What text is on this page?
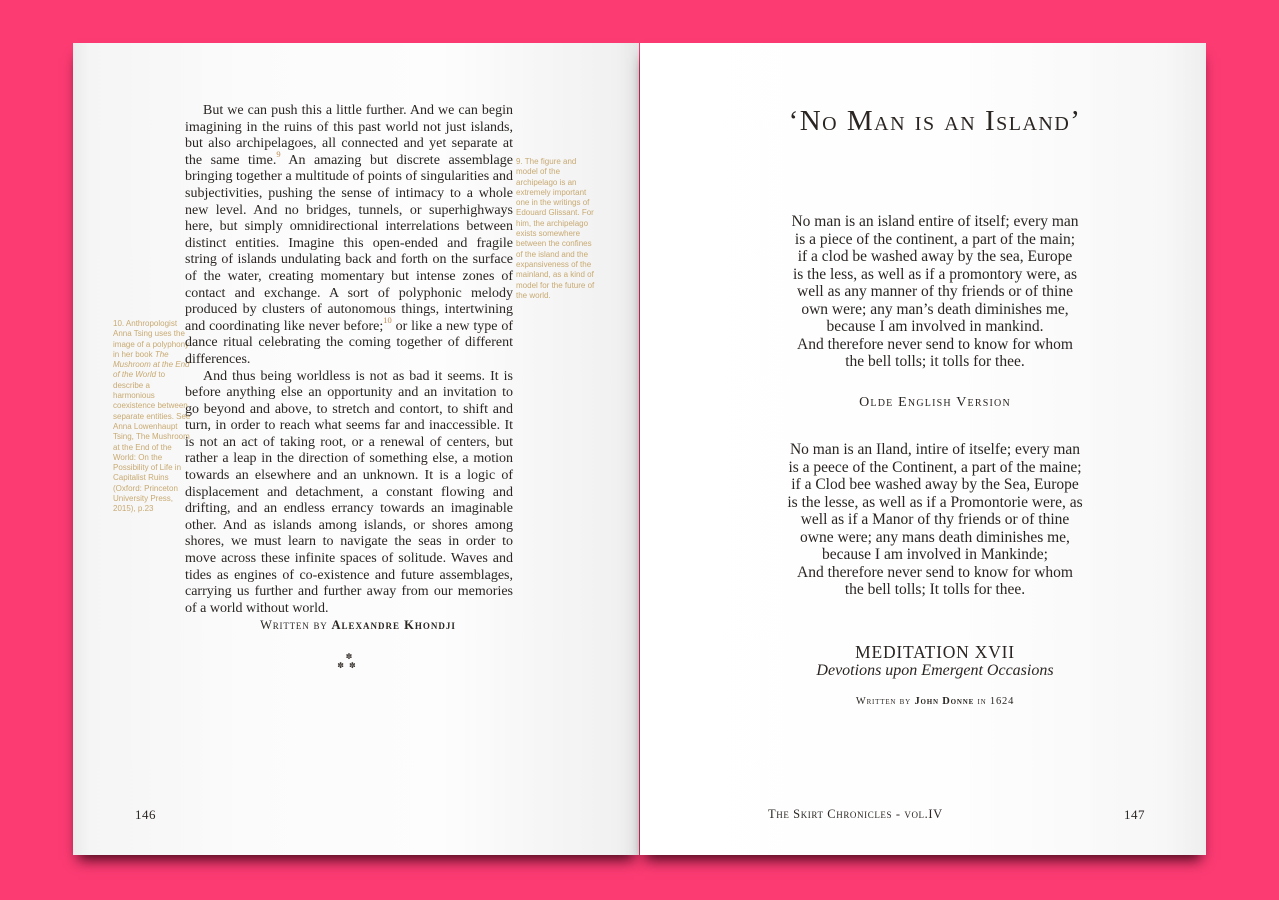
10. Anthropologist Anna Tsing uses the image of a polyphony in her book The Mushroom at the End of the World to describe a harmonious coexistence between separate entities. See Anna Lowenhaupt Tsing, The Mushroom at the End of the World: On the Possibility of Life in Capitalist Ruins (Oxford: Princeton University Press, 2015), p.23
9. The figure and model of the archipelago is an extremely important one in the writings of Edouard Glissant. For him, the archipelago exists somewhere between the confines of the island and the expansiveness of the mainland, as a kind of model for the future of the world.

But we can push this a little further. And we can begin imagining in the ruins of this past world not just islands, but also archipelagoes, all connected and yet separate at the same time.$^9$ An amazing but discrete assemblage bringing together a multitude of points of singularities and subjectivities, pushing the sense of intimacy to a whole new level. And no bridges, tunnels, or superhighways here, but simply omnidirectional interrelations between distinct entities. Imagine this open-ended and fragile string of islands undulating back and forth on the surface of the water, creating momentary but intense zones of contact and exchange. A sort of polyphonic melody produced by clusters of autonomous things, intertwining and coordinating like never before;$^{10}$ or like a new type of dance ritual celebrating the coming together of different differences.

And thus being worldless is not as bad it seems. It is before anything else an opportunity and an invitation to go beyond and above, to stretch and contort, to shift and turn, in order to reach what seems far and inaccessible. It is not an act of taking root, or a renewal of centers, but rather a leap in the direction of something else, a motion towards an elsewhere and an unknown. It is a logic of displacement and detachment, a constant flowing and drifting, and an endless errancy towards an imaginable other. And as islands among islands, or shores among shores, we must learn to navigate the seas in order to move across these infinite spaces of solitude. Waves and tides as engines of co-existence and future assemblages, carrying us further and further away from our memories of a world without world.

Written by Alexandre Khondji

✽
✽✽
146
‘No Man is an Island’
No man is an island entire of itself; every man
is a piece of the continent, a part of the main;
if a clod be washed away by the sea, Europe
is the less, as well as if a promontory were, as
well as any manner of thy friends or of thine
own were; any man’s death diminishes me,
because I am involved in mankind.
And therefore never send to know for whom
the bell tolls; it tolls for thee.
Olde English Version
No man is an Iland, intire of itselfe; every man
is a peece of the Continent, a part of the maine;
if a Clod bee washed away by the Sea, Europe
is the lesse, as well as if a Promontorie were, as
well as if a Manor of thy friends or of thine
owne were; any mans death diminishes me,
because I am involved in Mankinde;
And therefore never send to know for whom
the bell tolls; It tolls for thee.
MEDITATION XVII

Devotions upon Emergent Occasions

Written by John Donne in 1624
The Skirt Chronicles - vol.IV	147
